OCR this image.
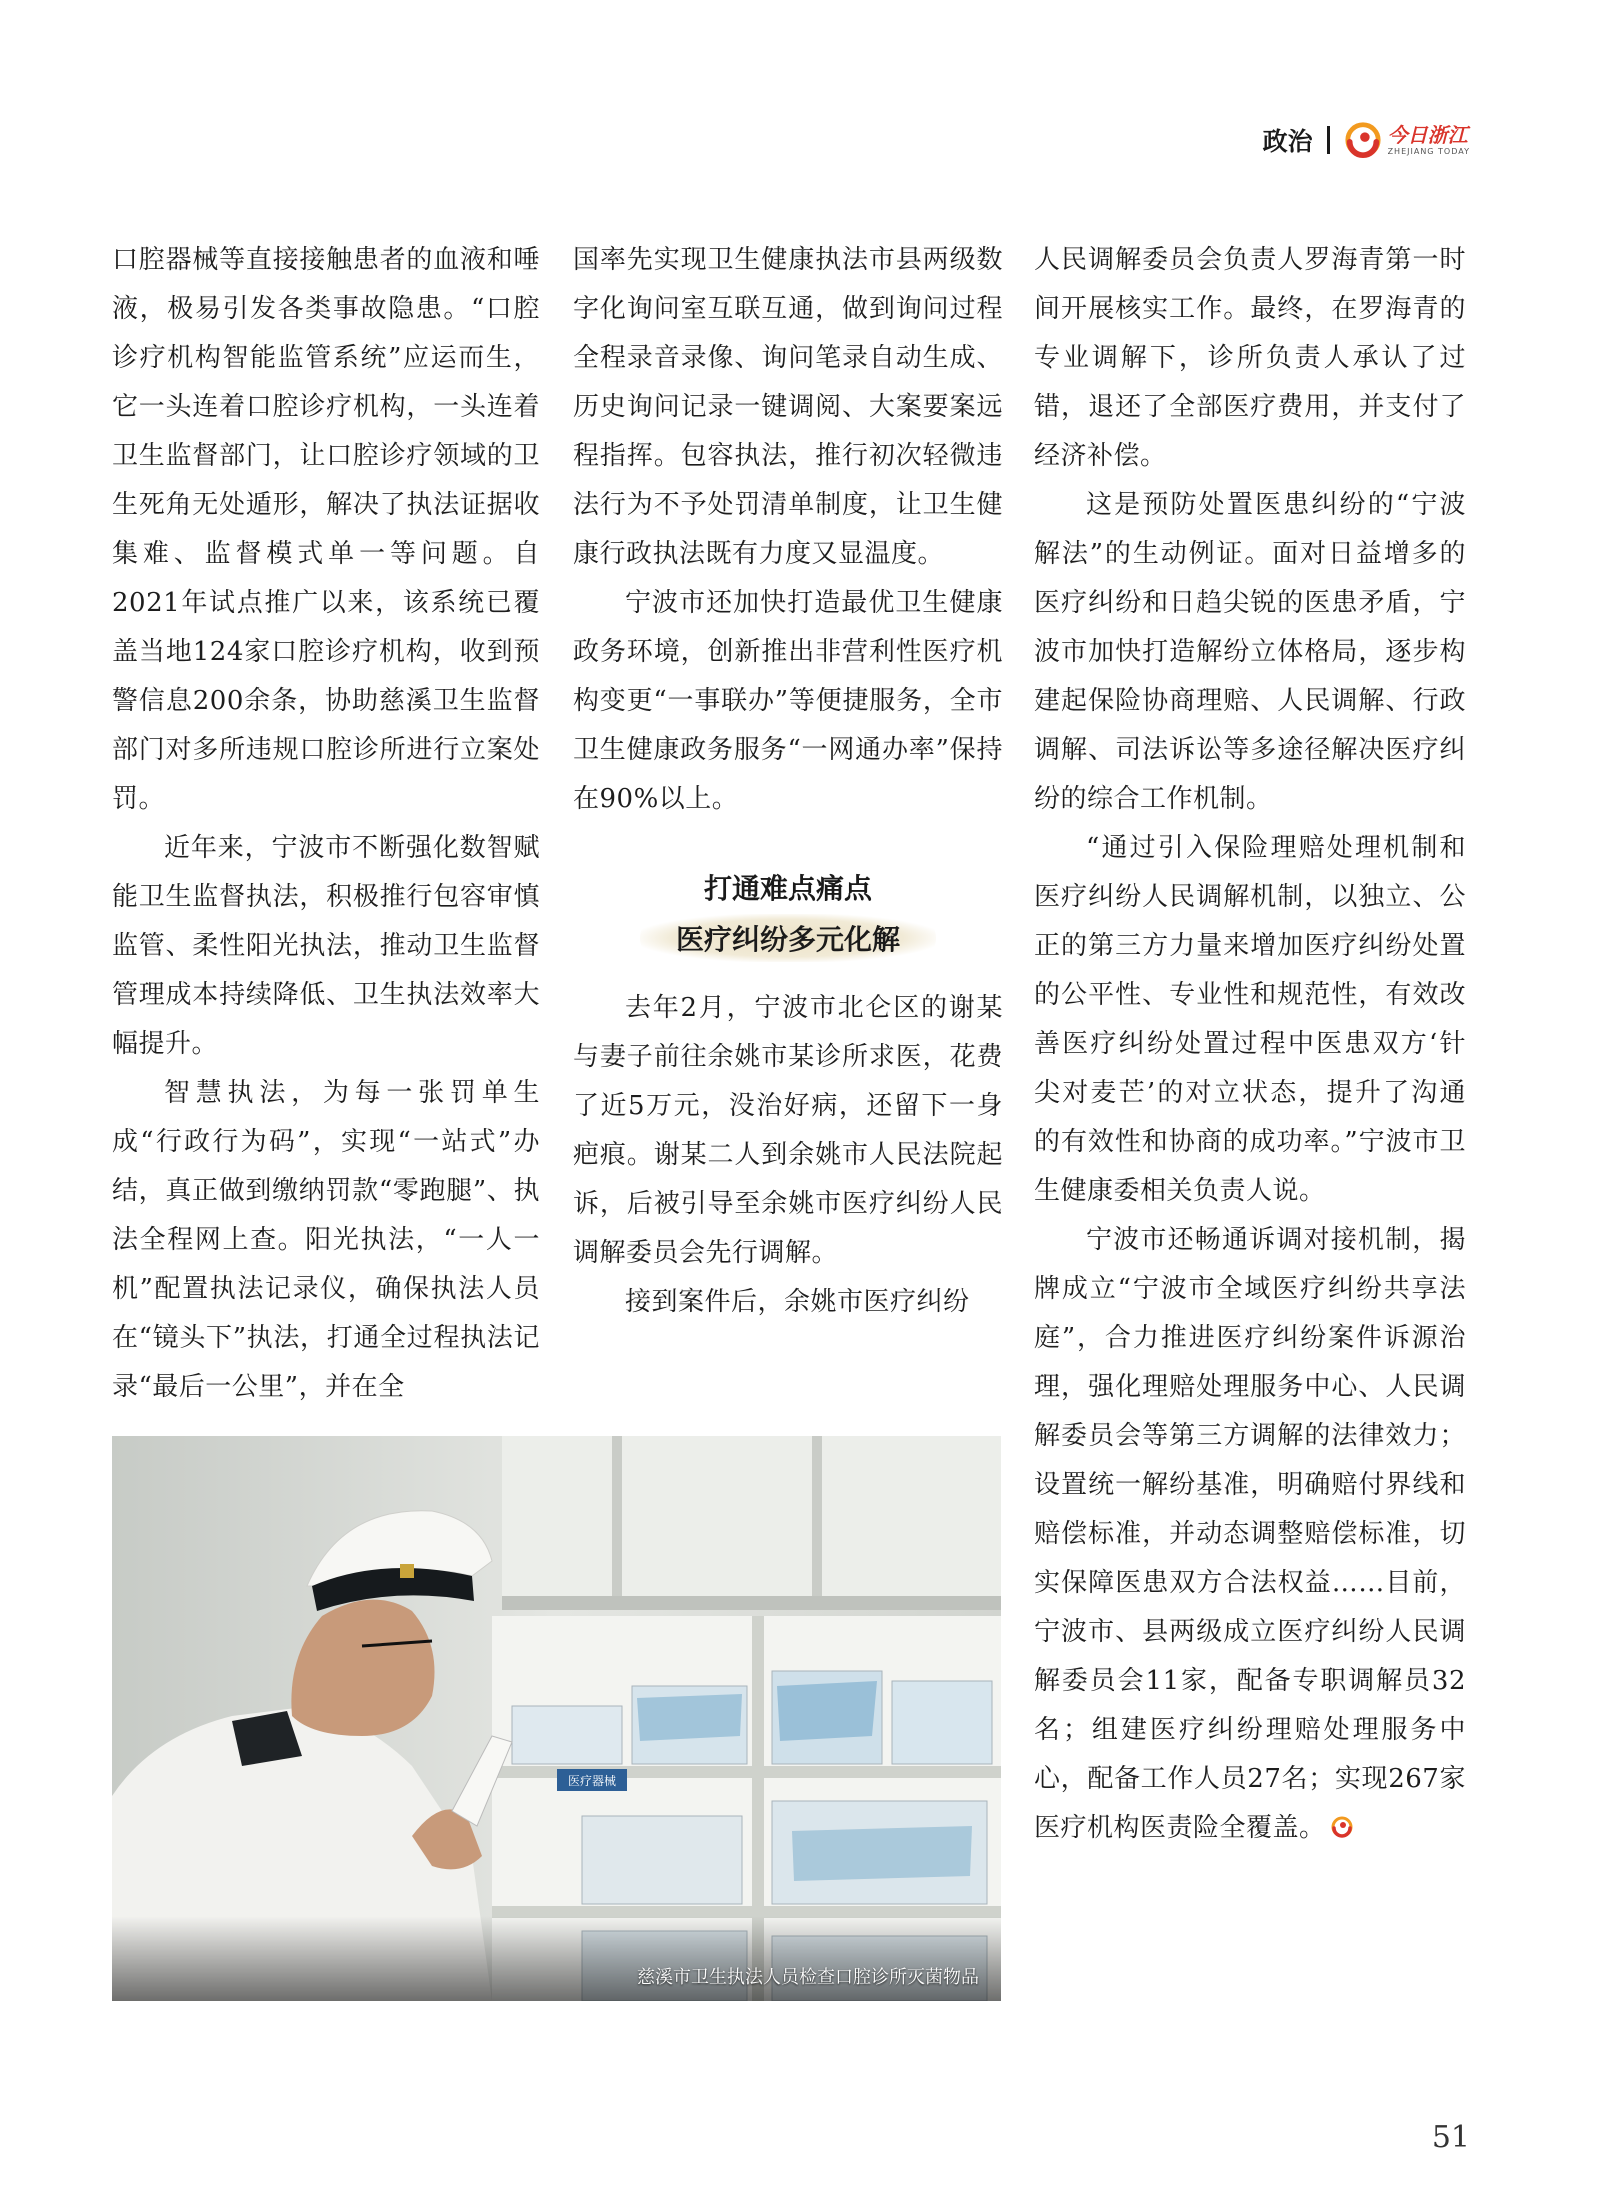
政治	今日浙江
ZHEJIANG TODAY

口腔器械等直接接触患者的血液和唾液，极易引发各类事故隐患。“口腔诊疗机构智能监管系统”应运而生，它一头连着口腔诊疗机构，一头连着卫生监督部门，让口腔诊疗领域的卫生死角无处遁形，解决了执法证据收集难、监督模式单一等问题。自2021年试点推广以来，该系统已覆盖当地124家口腔诊疗机构，收到预警信息200余条，协助慈溪卫生监督部门对多所违规口腔诊所进行立案处罚。

近年来，宁波市不断强化数智赋能卫生监督执法，积极推行包容审慎监管、柔性阳光执法，推动卫生监督管理成本持续降低、卫生执法效率大幅提升。

智慧执法，为每一张罚单生成“行政行为码”，实现“一站式”办结，真正做到缴纳罚款“零跑腿”、执法全程网上查。阳光执法，“一人一机”配置执法记录仪，确保执法人员在“镜头下”执法，打通全过程执法记录“最后一公里”，并在全

国率先实现卫生健康执法市县两级数字化询问室互联互通，做到询问过程全程录音录像、询问笔录自动生成、历史询问记录一键调阅、大案要案远程指挥。包容执法，推行初次轻微违法行为不予处罚清单制度，让卫生健康行政执法既有力度又显温度。

宁波市还加快打造最优卫生健康政务环境，创新推出非营利性医疗机构变更“一事联办”等便捷服务，全市卫生健康政务服务“一网通办率”保持在90%以上。

打通难点痛点
医疗纠纷多元化解

去年2月，宁波市北仑区的谢某与妻子前往余姚市某诊所求医，花费了近5万元，没治好病，还留下一身疤痕。谢某二人到余姚市人民法院起诉，后被引导至余姚市医疗纠纷人民调解委员会先行调解。

接到案件后，余姚市医疗纠纷

人民调解委员会负责人罗海青第一时间开展核实工作。最终，在罗海青的专业调解下，诊所负责人承认了过错，退还了全部医疗费用，并支付了经济补偿。

这是预防处置医患纠纷的“宁波解法”的生动例证。面对日益增多的医疗纠纷和日趋尖锐的医患矛盾，宁波市加快打造解纷立体格局，逐步构建起保险协商理赔、人民调解、行政调解、司法诉讼等多途径解决医疗纠纷的综合工作机制。

“通过引入保险理赔处理机制和医疗纠纷人民调解机制，以独立、公正的第三方力量来增加医疗纠纷处置的公平性、专业性和规范性，有效改善医疗纠纷处置过程中医患双方‘针尖对麦芒’的对立状态，提升了沟通的有效性和协商的成功率。”宁波市卫生健康委相关负责人说。

宁波市还畅通诉调对接机制，揭牌成立“宁波市全域医疗纠纷共享法庭”，合力推进医疗纠纷案件诉源治理，强化理赔处理服务中心、人民调解委员会等第三方调解的法律效力；设置统一解纷基准，明确赔付界线和赔偿标准，并动态调整赔偿标准，切实保障医患双方合法权益……目前，宁波市、县两级成立医疗纠纷人民调解委员会11家，配备专职调解员32名；组建医疗纠纷理赔处理服务中心，配备工作人员27名；实现267家医疗机构医责险全覆盖。

医疗器械
慈溪市卫生执法人员检查口腔诊所灭菌物品
51
